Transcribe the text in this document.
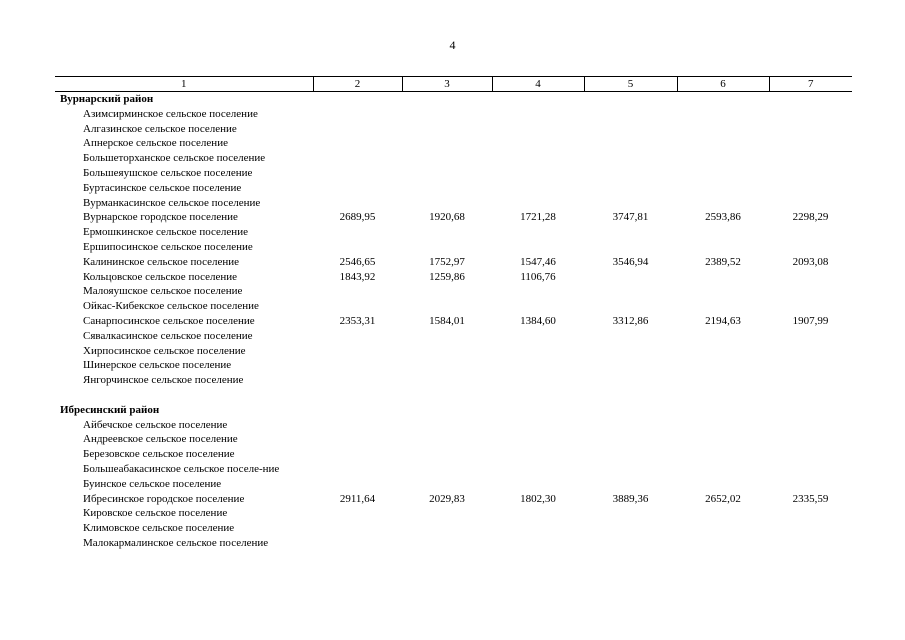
4
1	2	3	4	5	6	7
Вурнарский район						
Азимсирминское сельское поселение						
Алгазинское сельское поселение						
Апнерское сельское поселение						
Большеторханское сельское поселение						
Большеяушское сельское поселение						
Буртасинское сельское поселение						
Вурманкасинское сельское поселение						
Вурнарское городское поселение	2689,95	1920,68	1721,28	3747,81	2593,86	2298,29
Ермошкинское сельское поселение						
Ершипосинское сельское поселение						
Калининское сельское поселение	2546,65	1752,97	1547,46	3546,94	2389,52	2093,08
Кольцовское сельское поселение	1843,92	1259,86	1106,76			
Малояушское сельское поселение						
Ойкас-Кибекское сельское поселение						
Санарпосинское сельское поселение	2353,31	1584,01	1384,60	3312,86	2194,63	1907,99
Сявалкасинское сельское поселение						
Хирпосинское сельское поселение						
Шинерское сельское поселение						
Янгорчинское сельское поселение						

Ибресинский район						
Айбечское сельское поселение						
Андреевское сельское поселение						
Березовское сельское поселение						
Большеабакасинское сельское поселе-ние						
Буинское сельское поселение						
Ибресинское городское поселение	2911,64	2029,83	1802,30	3889,36	2652,02	2335,59
Кировское сельское поселение						
Климовское сельское поселение						
Малокармалинское сельское поселение						
